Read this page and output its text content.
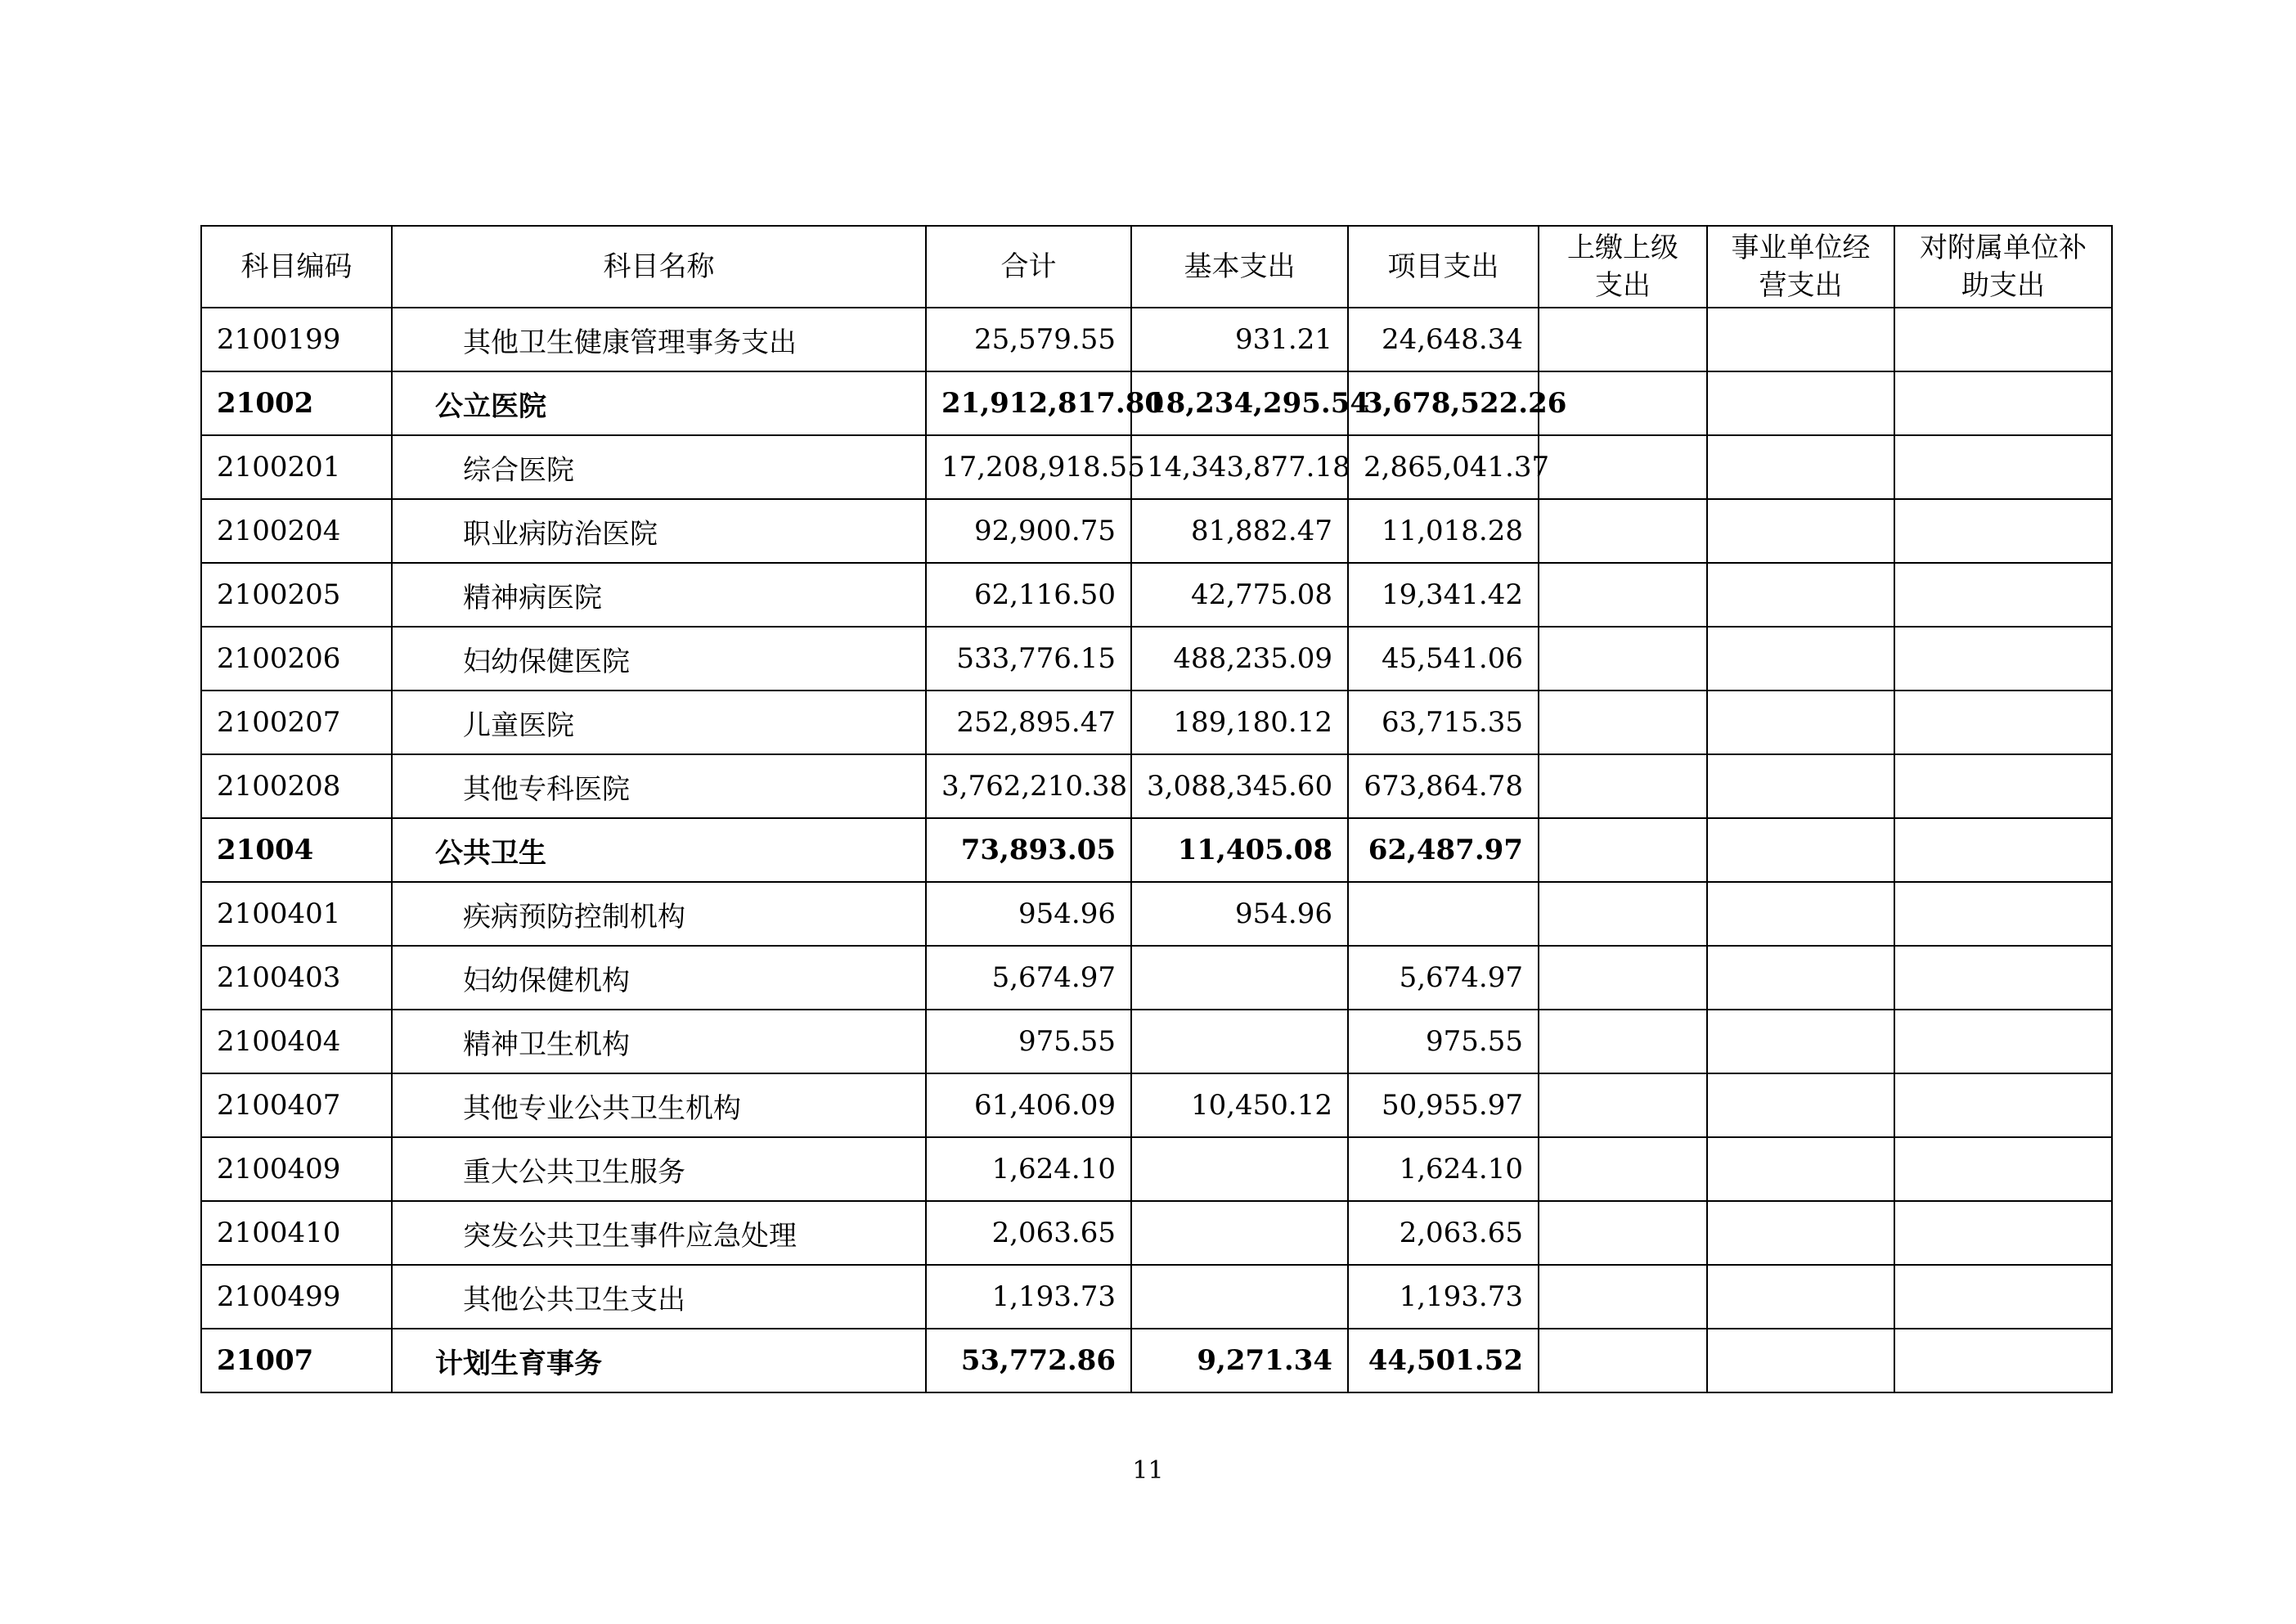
科目编码	科目名称	合计	基本支出	项目支出	上缴上级支出	事业单位经营支出	对附属单位补助支出
2100199	其他卫生健康管理事务支出	25,579.55	931.21	24,648.34			
21002	公立医院	21,912,817.80	18,234,295.54	3,678,522.26			
2100201	综合医院	17,208,918.55	14,343,877.18	2,865,041.37			
2100204	职业病防治医院	92,900.75	81,882.47	11,018.28			
2100205	精神病医院	62,116.50	42,775.08	19,341.42			
2100206	妇幼保健医院	533,776.15	488,235.09	45,541.06			
2100207	儿童医院	252,895.47	189,180.12	63,715.35			
2100208	其他专科医院	3,762,210.38	3,088,345.60	673,864.78			
21004	公共卫生	73,893.05	11,405.08	62,487.97			
2100401	疾病预防控制机构	954.96	954.96				
2100403	妇幼保健机构	5,674.97		5,674.97			
2100404	精神卫生机构	975.55		975.55			
2100407	其他专业公共卫生机构	61,406.09	10,450.12	50,955.97			
2100409	重大公共卫生服务	1,624.10		1,624.10			
2100410	突发公共卫生事件应急处理	2,063.65		2,063.65			
2100499	其他公共卫生支出	1,193.73		1,193.73			
21007	计划生育事务	53,772.86	9,271.34	44,501.52			
11
